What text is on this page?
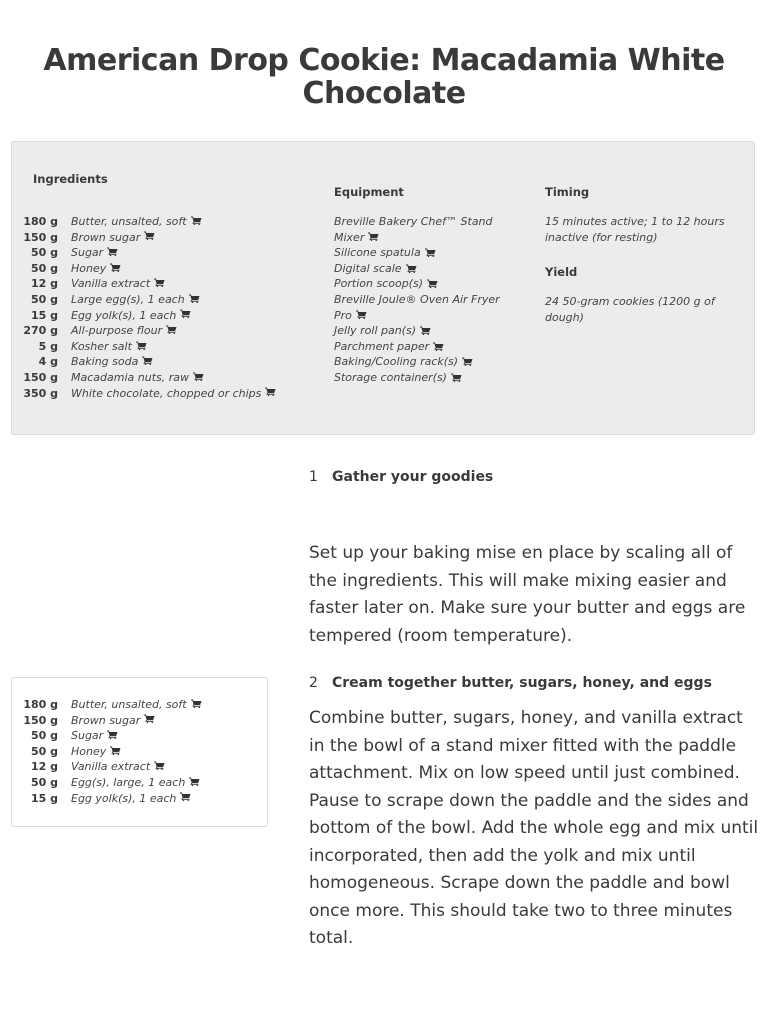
American Drop Cookie: Macadamia White Chocolate

Ingredients

180 g Butter, unsalted, soft
150 g Brown sugar
50 g Sugar
50 g Honey
12 g Vanilla extract
50 g Large egg(s), 1 each
15 g Egg yolk(s), 1 each
270 g All-purpose flour
5 g Kosher salt
4 g Baking soda
150 g Macadamia nuts, raw
350 g White chocolate, chopped or chips

Equipment

Breville Bakery Chef™ Stand Mixer
Silicone spatula
Digital scale
Portion scoop(s)
Breville Joule® Oven Air Fryer Pro
Jelly roll pan(s)
Parchment paper
Baking/Cooling rack(s)
Storage container(s)

Timing

15 minutes active; 1 to 12 hours inactive (for resting)

Yield

24 50-gram cookies (1200 g of dough)

1 Gather your goodies

Set up your baking mise en place by scaling all of the ingredients. This will make mixing easier and faster later on. Make sure your butter and eggs are tempered (room temperature).

2 Cream together butter, sugars, honey, and eggs

Combine butter, sugars, honey, and vanilla extract in the bowl of a stand mixer fitted with the paddle attachment. Mix on low speed until just combined. Pause to scrape down the paddle and the sides and bottom of the bowl. Add the whole egg and mix until incorporated, then add the yolk and mix until homogeneous. Scrape down the paddle and bowl once more. This should take two to three minutes total.

180 g Butter, unsalted, soft
150 g Brown sugar
50 g Sugar
50 g Honey
12 g Vanilla extract
50 g Egg(s), large, 1 each
15 g Egg yolk(s), 1 each
